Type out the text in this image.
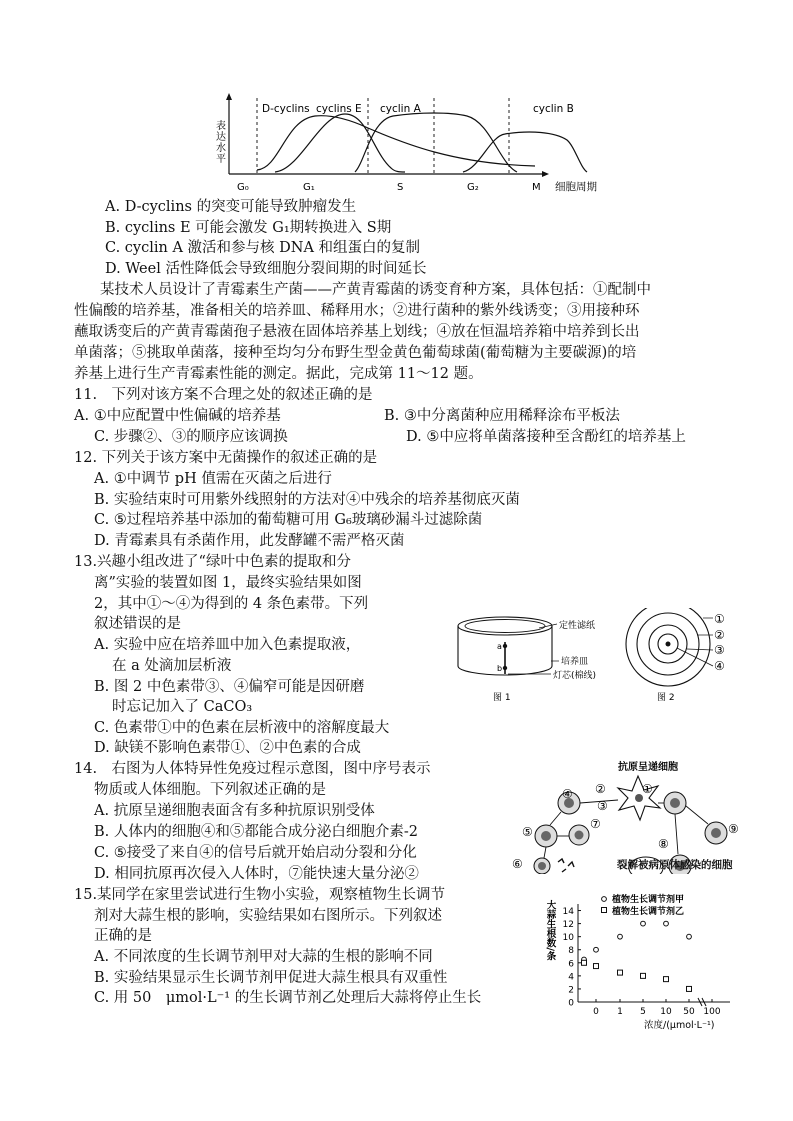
表达水平
D-cyclins cyclins E cyclin A	cyclin B
G₀	G₁	S	G₂	M 细胞周期
A. D-cyclins 的突变可能导致肿瘤发生
B. cyclins E 可能会激发 G₁期转换进入 S期
C. cyclin A 激活和参与核 DNA 和组蛋白的复制
D. Weel 活性降低会导致细胞分裂间期的时间延长
某技术人员设计了青霉素生产菌——产黄青霉菌的诱变育种方案，具体包括：①配制中
性偏酸的培养基，准备相关的培养皿、稀释用水；②进行菌种的紫外线诱变；③用接种环
蘸取诱变后的产黄青霉菌孢子悬液在固体培养基上划线；④放在恒温培养箱中培养到长出
单菌落；⑤挑取单菌落，接种至均匀分布野生型金黄色葡萄球菌(葡萄糖为主要碳源)的培
养基上进行生产青霉素性能的测定。据此，完成第 11～12 题。
11.　下列对该方案不合理之处的叙述正确的是
A. ①中应配置中性偏碱的培养基	B. ③中分离菌种应用稀释涂布平板法
C. 步骤②、③的顺序应该调换	D. ⑤中应将单菌落接种至含酚红的培养基上
12. 下列关于该方案中无菌操作的叙述正确的是
A. ①中调节 pH 值需在灭菌之后进行
B. 实验结束时可用紫外线照射的方法对④中残余的培养基彻底灭菌
C. ⑤过程培养基中添加的葡萄糖可用 G₆玻璃砂漏斗过滤除菌
D. 青霉素具有杀菌作用，此发酵罐不需严格灭菌
13.兴趣小组改进了“绿叶中色素的提取和分
离”实验的装置如图 1，最终实验结果如图
2，其中①～④为得到的 4 条色素带。下列
叙述错误的是
A. 实验中应在培养皿中加入色素提取液，
在 a 处滴加层析液
B. 图 2 中色素带③、④偏窄可能是因研磨
时忘记加入了 CaCO₃
C. 色素带①中的色素在层析液中的溶解度最大
D. 缺镁不影响色素带①、②中色素的合成
a
b
定性滤纸
培养皿
灯芯(棉线)
图 1
①
②
③
④
图 2
14.　右图为人体特异性免疫过程示意图，图中序号表示
物质或人体细胞。下列叙述正确的是
A. 抗原呈递细胞表面含有多种抗原识别受体
B. 人体内的细胞④和⑤都能合成分泌白细胞介素-2
C. ⑤接受了来自④的信号后就开始启动分裂和分化
D. 相同抗原再次侵入人体时，⑦能快速大量分泌②
抗原呈递细胞
④
③
②	①
⑤
⑦
⑥
⑨
⑧
裂解被病原体感染的细胞
15.某同学在家里尝试进行生物小实验，观察植物生长调节
剂对大蒜生根的影响，实验结果如右图所示。下列叙述
正确的是
A. 不同浓度的生长调节剂甲对大蒜的生根的影响不同
B. 实验结果显示生长调节剂甲促进大蒜生根具有双重性
C. 用 50　μmol·L⁻¹ 的生长调节剂乙处理后大蒜将停止生长
大蒜生根数/条
浓度/(μmol·L⁻¹)
植物生长调节剂甲
植物生长调节剂乙
0
2
4
6
8
10
12
14
0 1 5 10 50 100
